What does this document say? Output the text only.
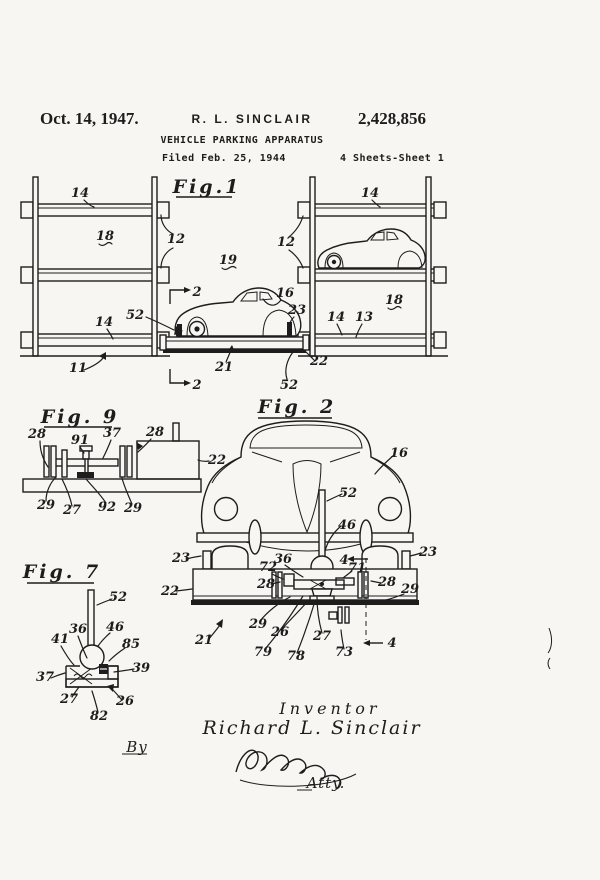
Oct. 14, 1947.	R. L. SINCLAIR	2,428,856
VEHICLE PARKING APPARATUS
Filed Feb. 25, 1944	4 Sheets-Sheet 1
Fig.1
14
18	12
19
12
14
2	16
23
52
14	14 13
18
11	21	22
52
2
Fig. 9
28 91 37 28
22
29 27 92 29
Fig. 2
16
52
46
23	23
22
36
72	4
71
28	28 29
21
29
26 27
79 78 73
4
Fig. 7
52
36
41
46
85
39
37
27	26
82	Inventor
Richard L. Sinclair
By
Atty.
